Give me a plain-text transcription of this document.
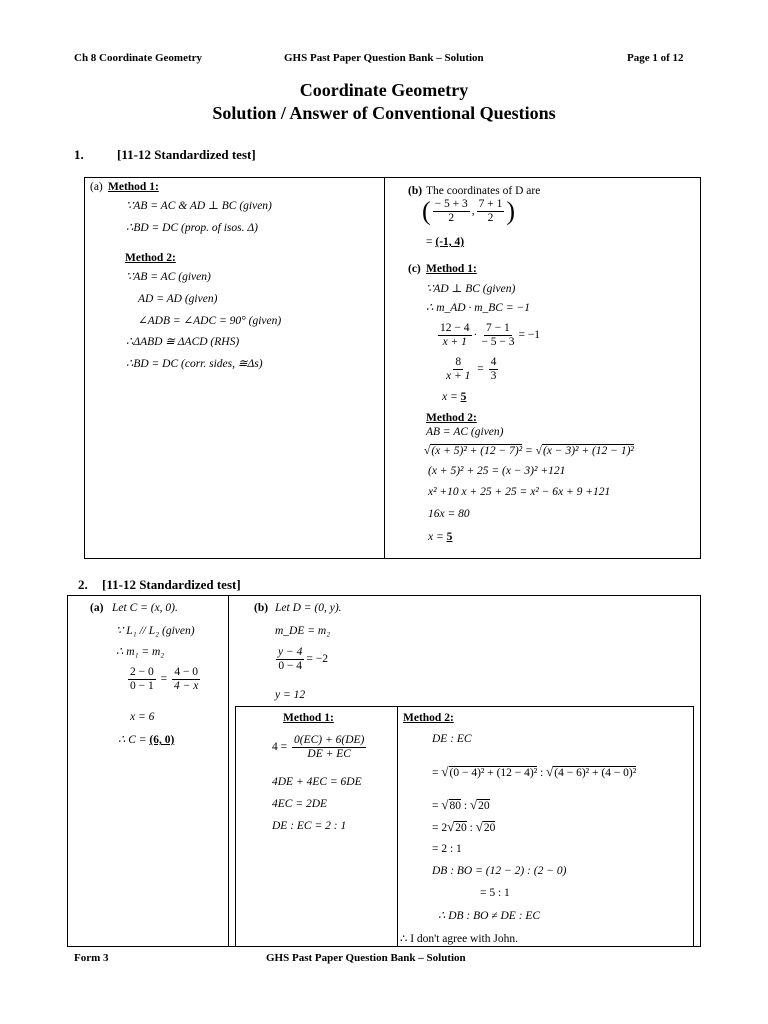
Ch 8 Coordinate Geometry	GHS Past Paper Question Bank – Solution	Page 1 of 12
Coordinate Geometry
Solution / Answer of Conventional Questions
1.	[11-12 Standardized test]
(a) Method 1:
∵AB = AC & AD ⊥ BC (given)
∴BD = DC (prop. of isos. Δ)
Method 2:
∵AB = AC (given)
AD = AD (given)
∠ADB = ∠ADC = 90° (given)
∴ΔABD ≅ ΔACD (RHS)
∴BD = DC (corr. sides, ≅Δs)
(b) The coordinates of D are
( $\frac{- 5 + 3}{2}$ , $\frac{7 + 1}{2}$ )
= (-1, 4)
(c) Method 1:
∵AD ⊥ BC (given)
∴ m_AD · m_BC = −1
$\frac{12 - 4}{x + 1} \cdot \frac{7 - 1}{- 5 - 3} = -1$
$\frac{8}{x + 1} = \frac{4}{3}$
x = 5
Method 2:
AB = AC (given)
√(x + 5)² + (12 − 7)² = √(x − 3)² + (12 − 1)²
(x + 5)² + 25 = (x − 3)² +121
x² +10 x + 25 + 25 = x² − 6x + 9 +121
16x = 80
x = 5
2. [11-12 Standardized test]
(a) Let C = (x, 0).
∵ L₁ // L₂ (given)
∴ m₁ = m₂
$\frac{2 - 0}{0 - 1} = \frac{4 - 0}{4 - x}$
x = 6
∴ C = (6, 0)
(b) Let D = (0, y).
m_DE = m₂
$\frac{y - 4}{0 - 4} = -2$
y = 12
Method 1:
$4 = \frac{0(EC) + 6(DE)}{DE + EC}$
4DE + 4EC = 6DE
4EC = 2DE
DE : EC = 2 : 1
Method 2:
DE : EC
= √(0 − 4)² + (12 − 4)² : √(4 − 6)² + (4 − 0)²
= √80 : √20
= 2√20 : √20
= 2 : 1
DB : BO = (12 − 2) : (2 − 0)
= 5 : 1
∴ DB : BO ≠ DE : EC
∴ I don't agree with John.
Form 3	GHS Past Paper Question Bank – Solution
